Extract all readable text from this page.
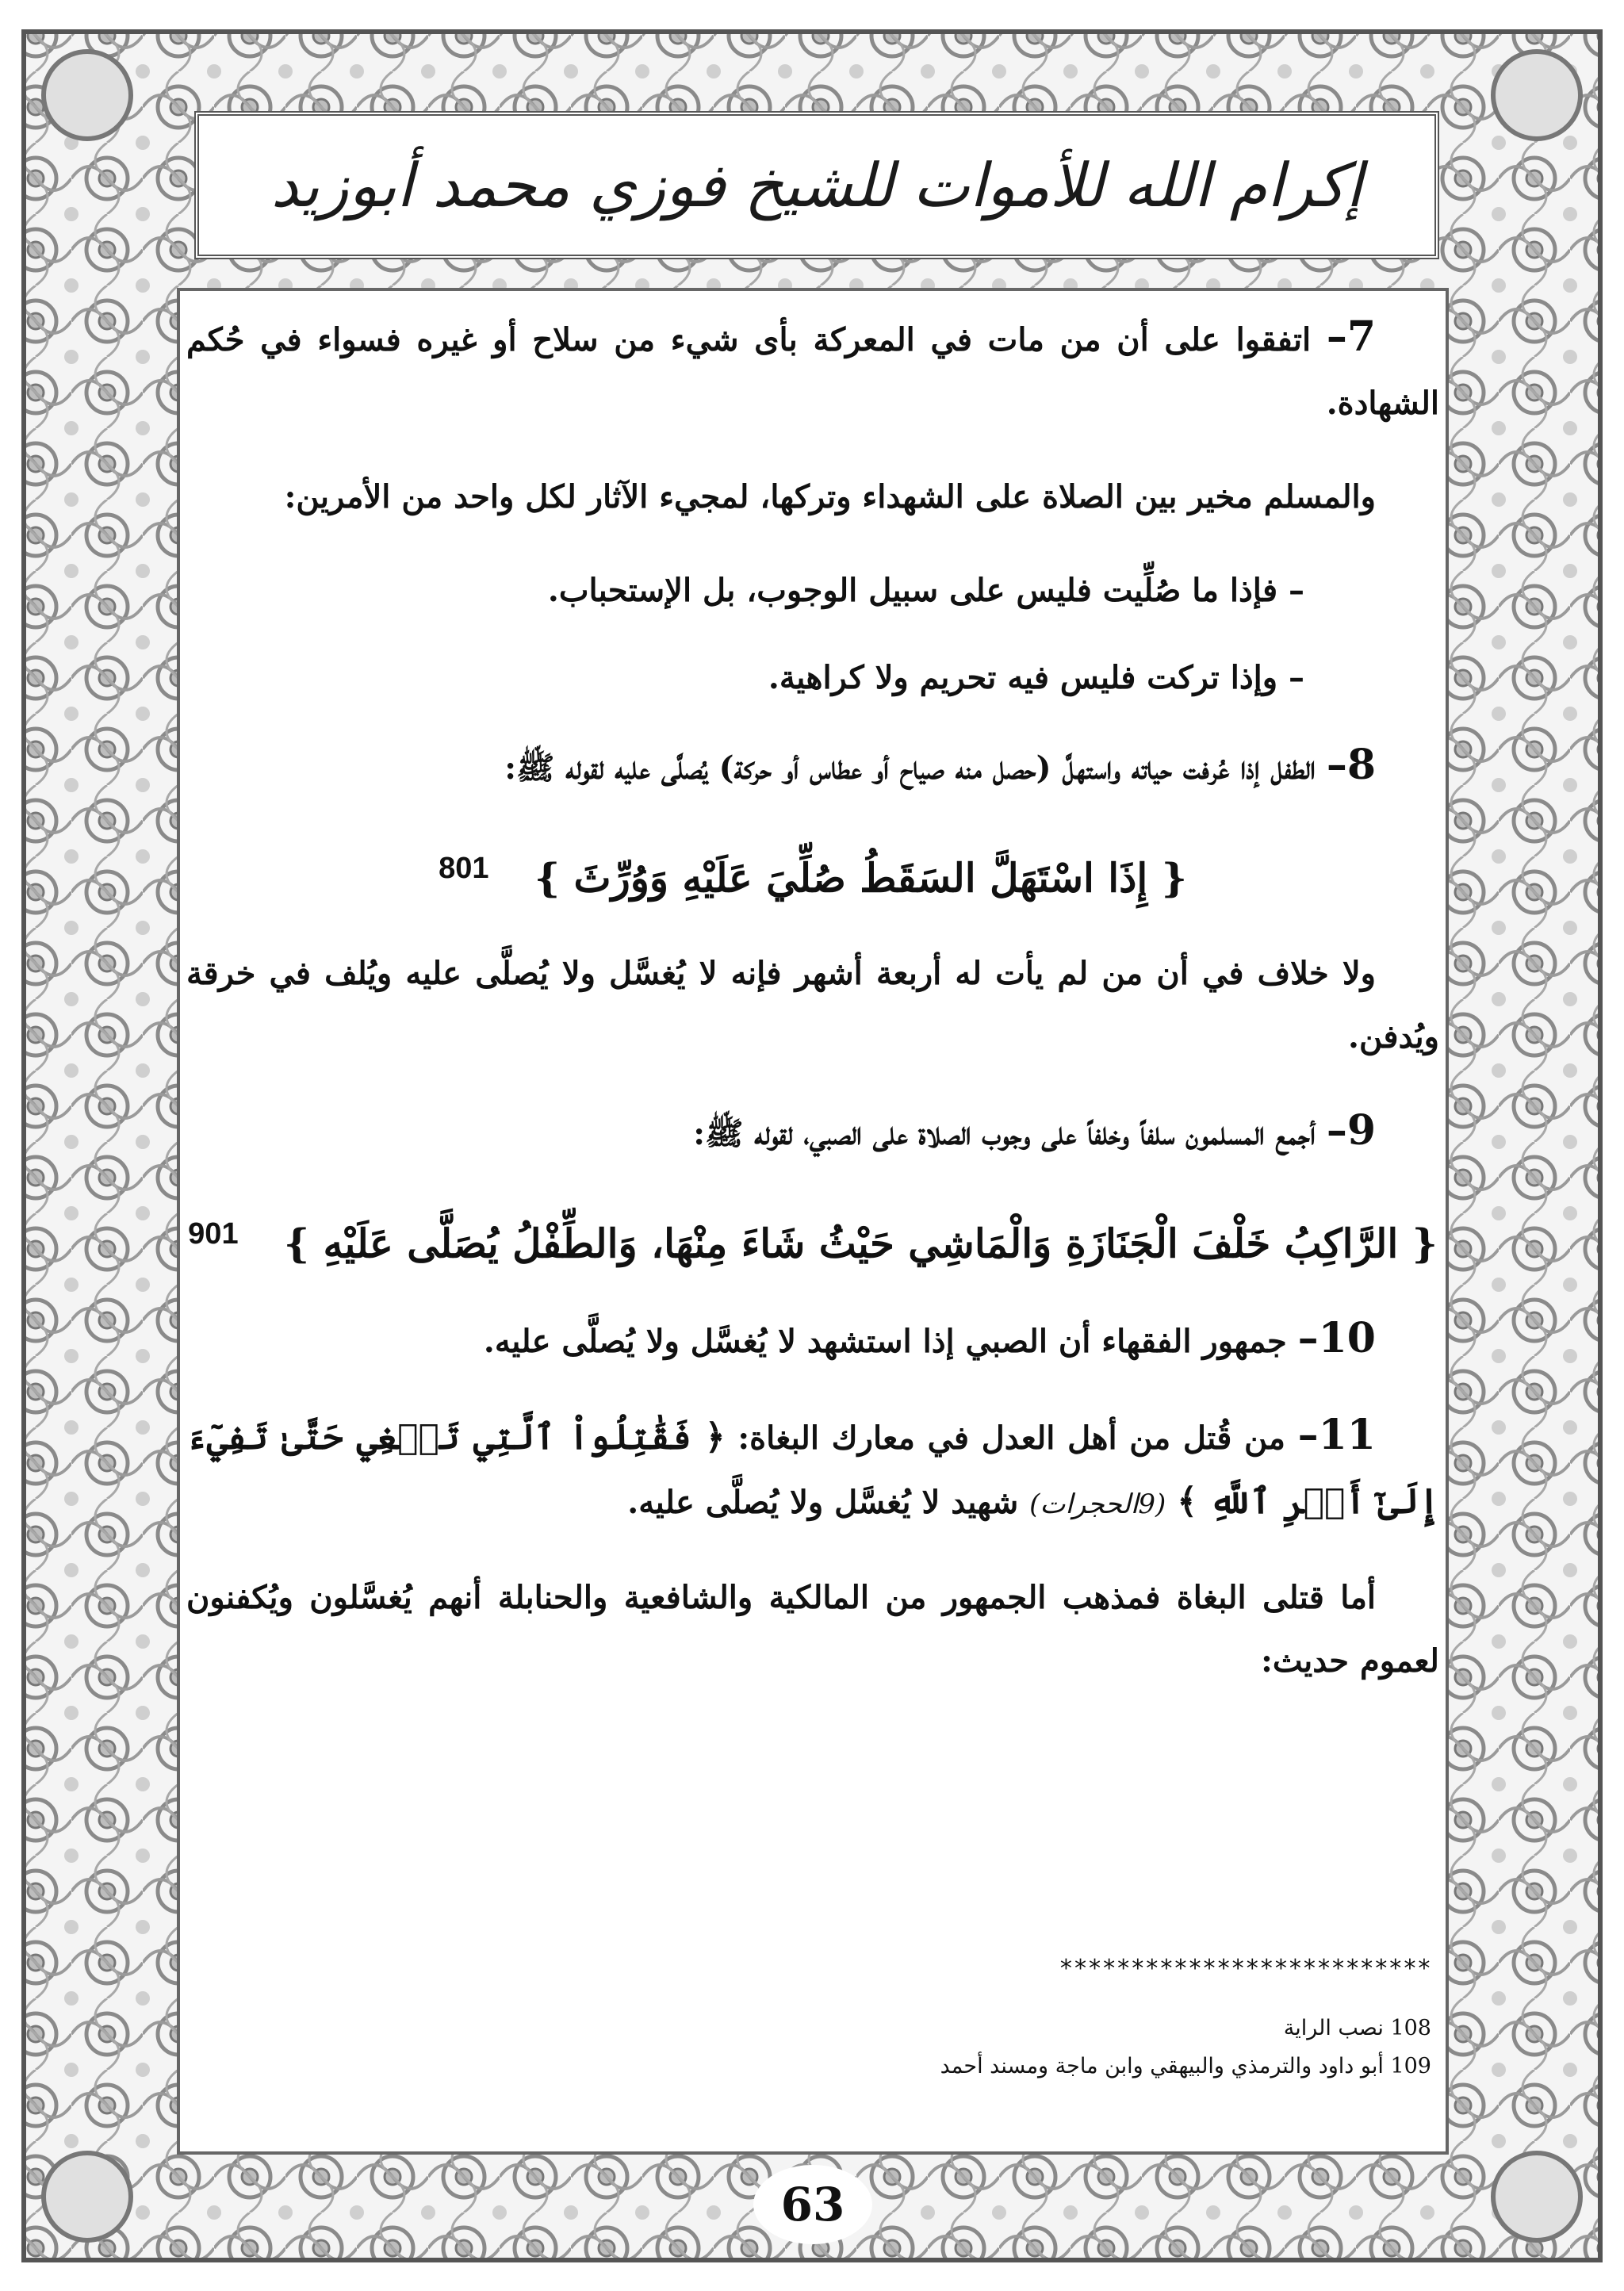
إكرام الله للأموات للشيخ فوزي محمد أبوزيد

7– اتفقوا على أن من مات في المعركة بأى شيء من سلاح أو غيره فسواء في حُكم الشهادة.

والمسلم مخير بين الصلاة على الشهداء وتركها، لمجيء الآثار لكل واحد من الأمرين:

– فإذا ما صُلِّيت فليس على سبيل الوجوب، بل الإستحباب.

– وإذا تركت فليس فيه تحريم ولا كراهية.

8– الطفل إذا عُرفت حياته واستهلَّ (حصل منه صياح أو عطاس أو حركة) يُصلَّى عليه لقوله ﷺ:

{ إِذَا اسْتَهَلَّ السَقَطُ صُلِّيَ عَلَيْهِ وَوُرِّثَ } $^{801}$

ولا خلاف في أن من لم يأت له أربعة أشهر فإنه لا يُغسَّل ولا يُصلَّى عليه ويُلف في خرقة ويُدفن.

9– أجمع المسلمون سلفاً وخلفاً على وجوب الصلاة على الصبي، لقوله ﷺ:

{ الرَّاكِبُ خَلْفَ الْجَنَازَةِ وَالْمَاشِي حَيْثُ شَاءَ مِنْهَا، وَالطِّفْلُ يُصَلَّى عَلَيْهِ } $^{901}$

10– جمهور الفقهاء أن الصبي إذا استشهد لا يُغسَّل ولا يُصلَّى عليه.

11– من قُتل من أهل العدل في معارك البغاة: ﴿ فَقَٰتِلُواْ ٱلَّتِي تَبۡغِي حَتَّىٰ تَفِيٓءَ إِلَىٰٓ أَمۡرِ ٱللَّهِ ﴾ (9الحجرات) شهيد لا يُغسَّل ولا يُصلَّى عليه.

أما قتلى البغاة فمذهب الجمهور من المالكية والشافعية والحنابلة أنهم يُغسَّلون ويُكفنون لعموم حديث:

**************************
108 نصب الراية
109 أبو داود والترمذي والبيهقي وابن ماجة ومسند أحمد
63
